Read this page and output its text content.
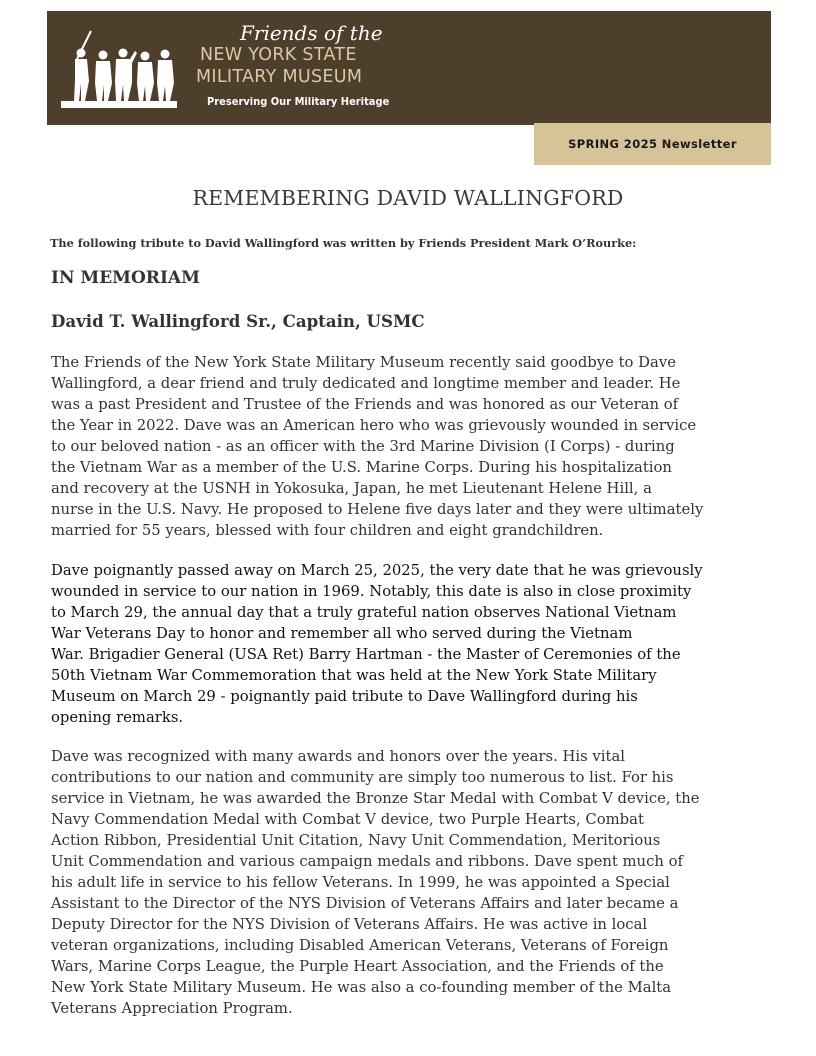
Friends of the
NEW YORK STATE
MILITARY MUSEUM
Preserving Our Military Heritage
SPRING 2025 Newsletter
REMEMBERING DAVID WALLINGFORD
The following tribute to David Wallingford was written by Friends President Mark O’Rourke:
IN MEMORIAM
David T. Wallingford Sr., Captain, USMC
The Friends of the New York State Military Museum recently said goodbye to Dave
Wallingford, a dear friend and truly dedicated and longtime member and leader. He
was a past President and Trustee of the Friends and was honored as our Veteran of
the Year in 2022. Dave was an American hero who was grievously wounded in service
to our beloved nation - as an officer with the 3rd Marine Division (I Corps) - during
the Vietnam War as a member of the U.S. Marine Corps. During his hospitalization
and recovery at the USNH in Yokosuka, Japan, he met Lieutenant Helene Hill, a
nurse in the U.S. Navy. He proposed to Helene five days later and they were ultimately
married for 55 years, blessed with four children and eight grandchildren.
Dave poignantly passed away on March 25, 2025, the very date that he was grievously
wounded in service to our nation in 1969. Notably, this date is also in close proximity
to March 29, the annual day that a truly grateful nation observes National Vietnam
War Veterans Day to honor and remember all who served during the Vietnam
War. Brigadier General (USA Ret) Barry Hartman - the Master of Ceremonies of the
50th Vietnam War Commemoration that was held at the New York State Military
Museum on March 29 - poignantly paid tribute to Dave Wallingford during his
opening remarks.
Dave was recognized with many awards and honors over the years. His vital
contributions to our nation and community are simply too numerous to list. For his
service in Vietnam, he was awarded the Bronze Star Medal with Combat V device, the
Navy Commendation Medal with Combat V device, two Purple Hearts, Combat
Action Ribbon, Presidential Unit Citation, Navy Unit Commendation, Meritorious
Unit Commendation and various campaign medals and ribbons. Dave spent much of
his adult life in service to his fellow Veterans. In 1999, he was appointed a Special
Assistant to the Director of the NYS Division of Veterans Affairs and later became a
Deputy Director for the NYS Division of Veterans Affairs. He was active in local
veteran organizations, including Disabled American Veterans, Veterans of Foreign
Wars, Marine Corps League, the Purple Heart Association, and the Friends of the
New York State Military Museum. He was also a co-founding member of the Malta
Veterans Appreciation Program.
